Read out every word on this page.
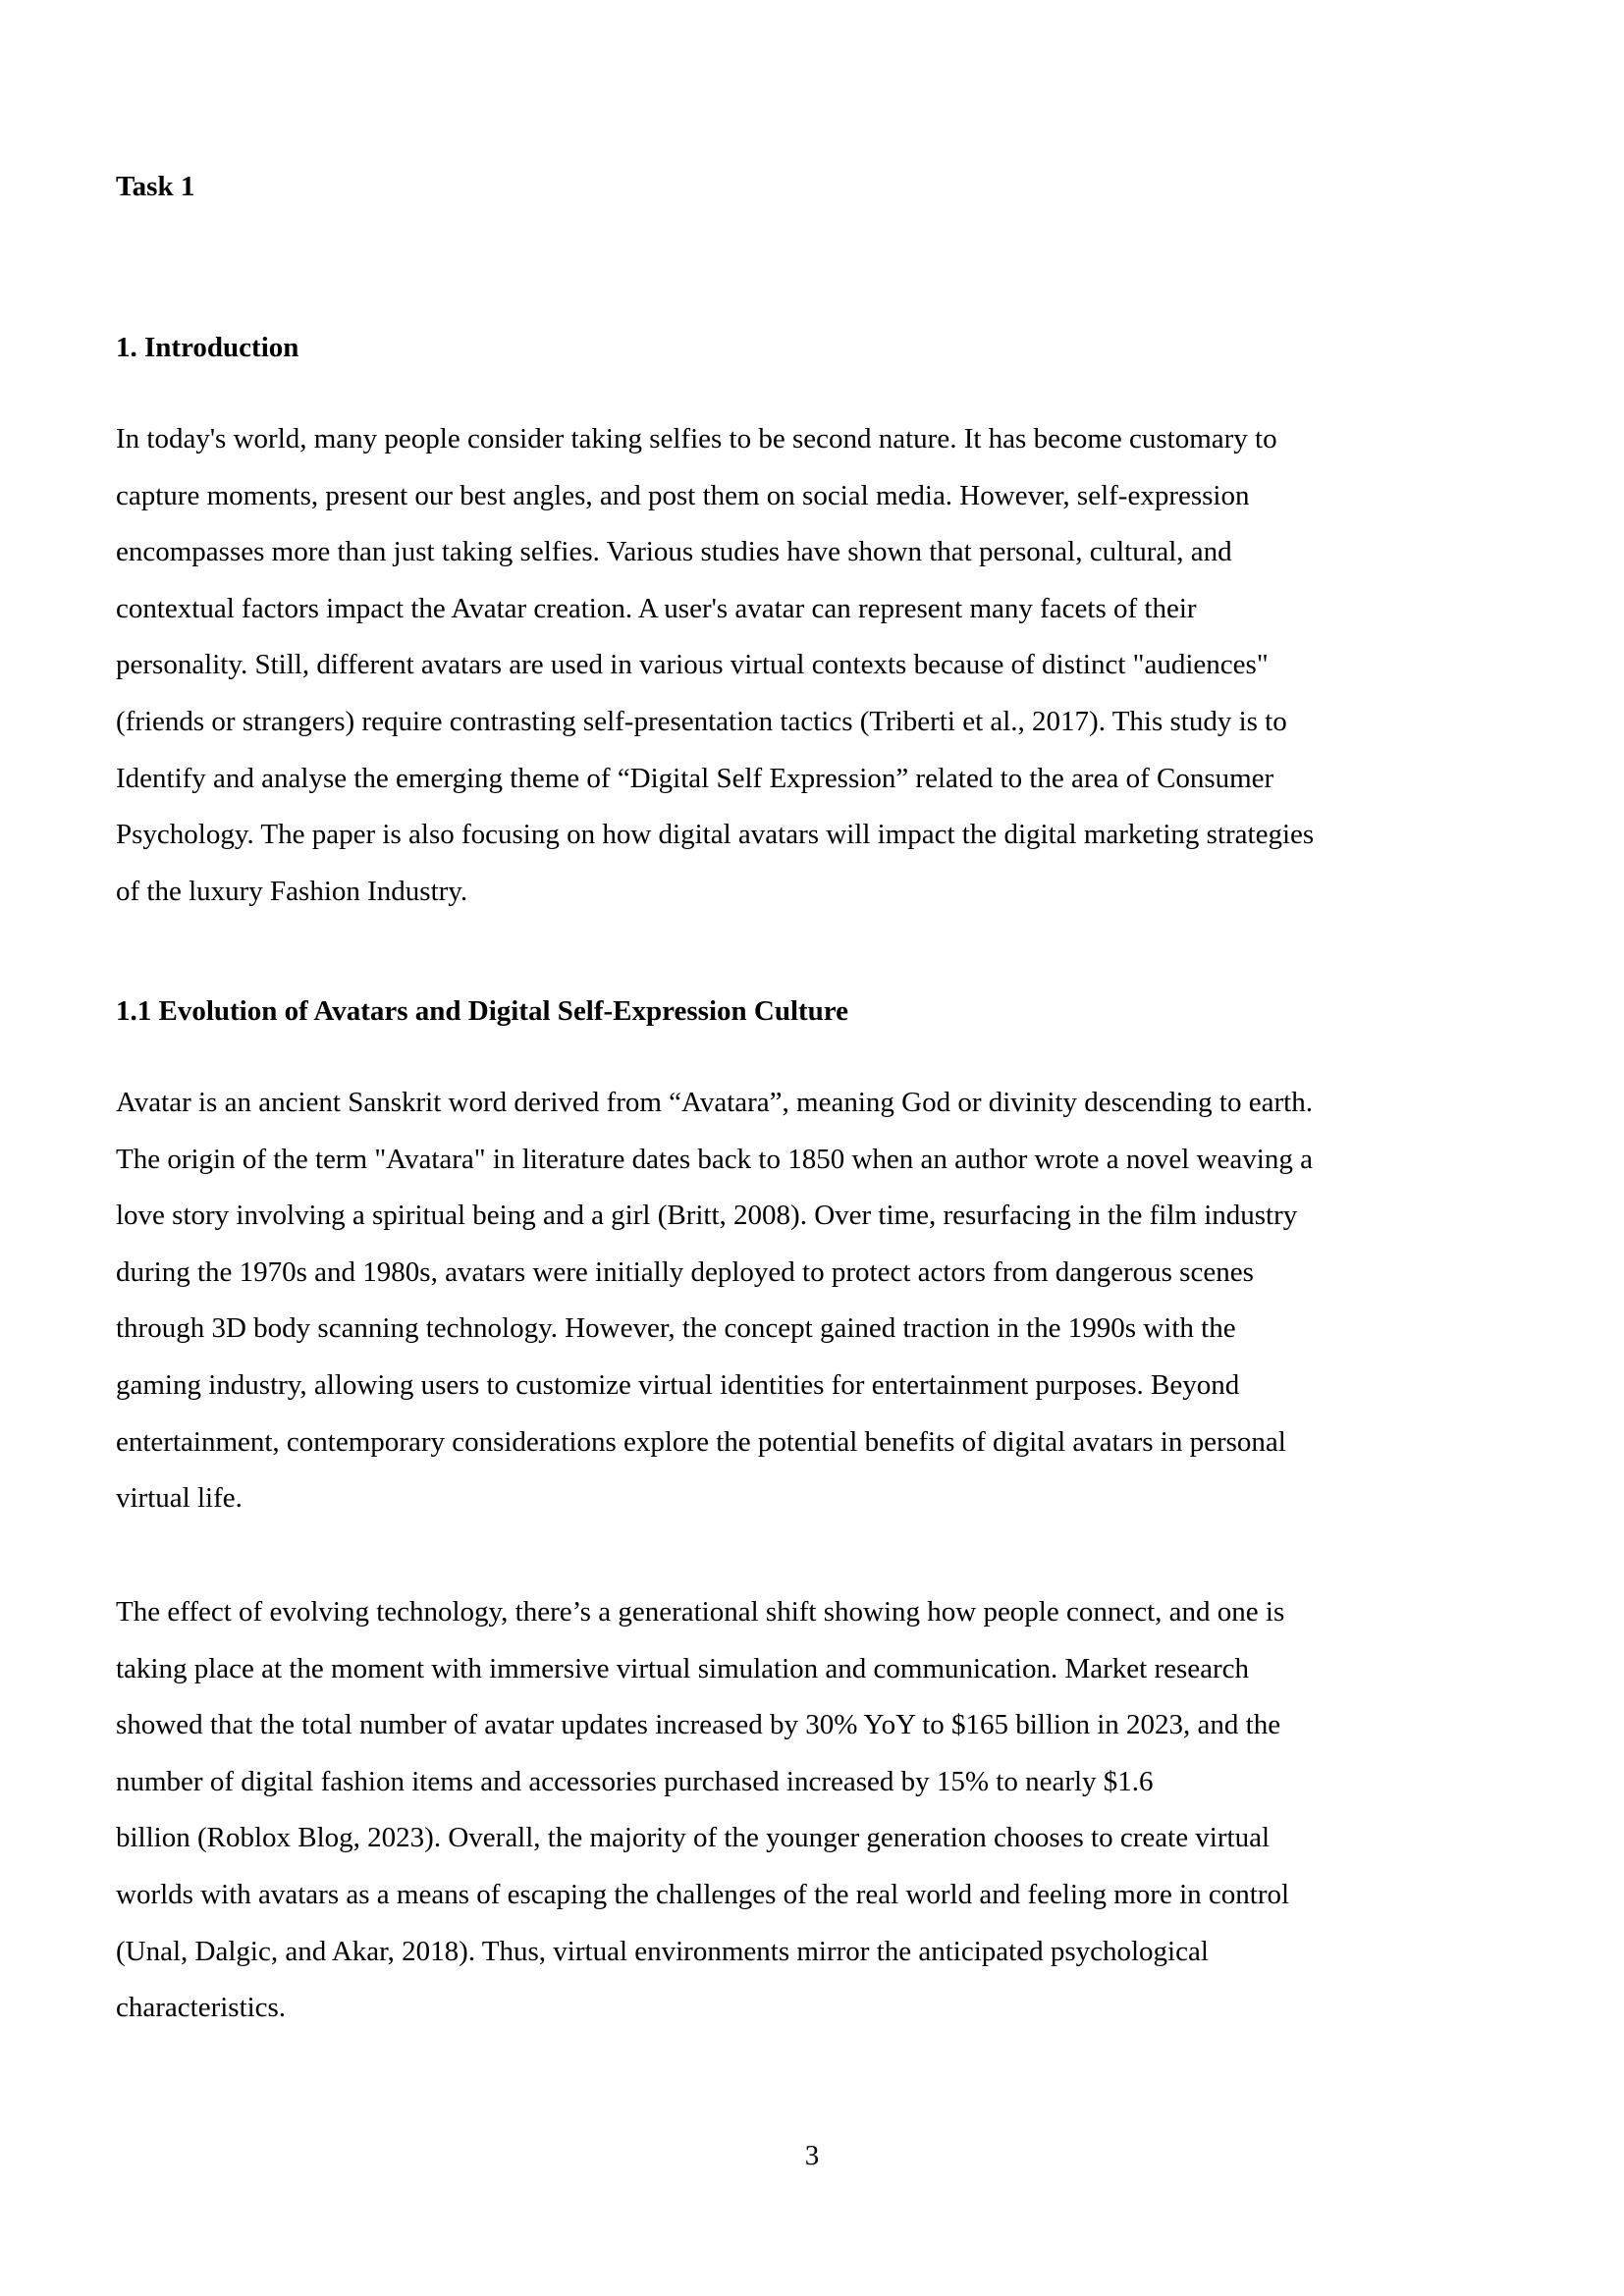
Task 1
1. Introduction

In today's world, many people consider taking selfies to be second nature. It has become customary to
capture moments, present our best angles, and post them on social media. However, self-expression
encompasses more than just taking selfies. Various studies have shown that personal, cultural, and
contextual factors impact the Avatar creation. A user's avatar can represent many facets of their
personality. Still, different avatars are used in various virtual contexts because of distinct "audiences"
(friends or strangers) require contrasting self-presentation tactics (Triberti et al., 2017). This study is to
Identify and analyse the emerging theme of “Digital Self Expression” related to the area of Consumer
Psychology. The paper is also focusing on how digital avatars will impact the digital marketing strategies
of the luxury Fashion Industry.

1.1 Evolution of Avatars and Digital Self-Expression Culture

Avatar is an ancient Sanskrit word derived from “Avatara”, meaning God or divinity descending to earth.
The origin of the term "Avatara" in literature dates back to 1850 when an author wrote a novel weaving a
love story involving a spiritual being and a girl (Britt, 2008). Over time, resurfacing in the film industry
during the 1970s and 1980s, avatars were initially deployed to protect actors from dangerous scenes
through 3D body scanning technology. However, the concept gained traction in the 1990s with the
gaming industry, allowing users to customize virtual identities for entertainment purposes. Beyond
entertainment, contemporary considerations explore the potential benefits of digital avatars in personal
virtual life.

The effect of evolving technology, there’s a generational shift showing how people connect, and one is
taking place at the moment with immersive virtual simulation and communication. Market research
showed that the total number of avatar updates increased by 30% YoY to $165 billion in 2023, and the
number of digital fashion items and accessories purchased increased by 15% to nearly $1.6
billion (Roblox Blog, 2023). Overall, the majority of the younger generation chooses to create virtual
worlds with avatars as a means of escaping the challenges of the real world and feeling more in control
(Unal, Dalgic, and Akar, 2018). Thus, virtual environments mirror the anticipated psychological
characteristics.

3
